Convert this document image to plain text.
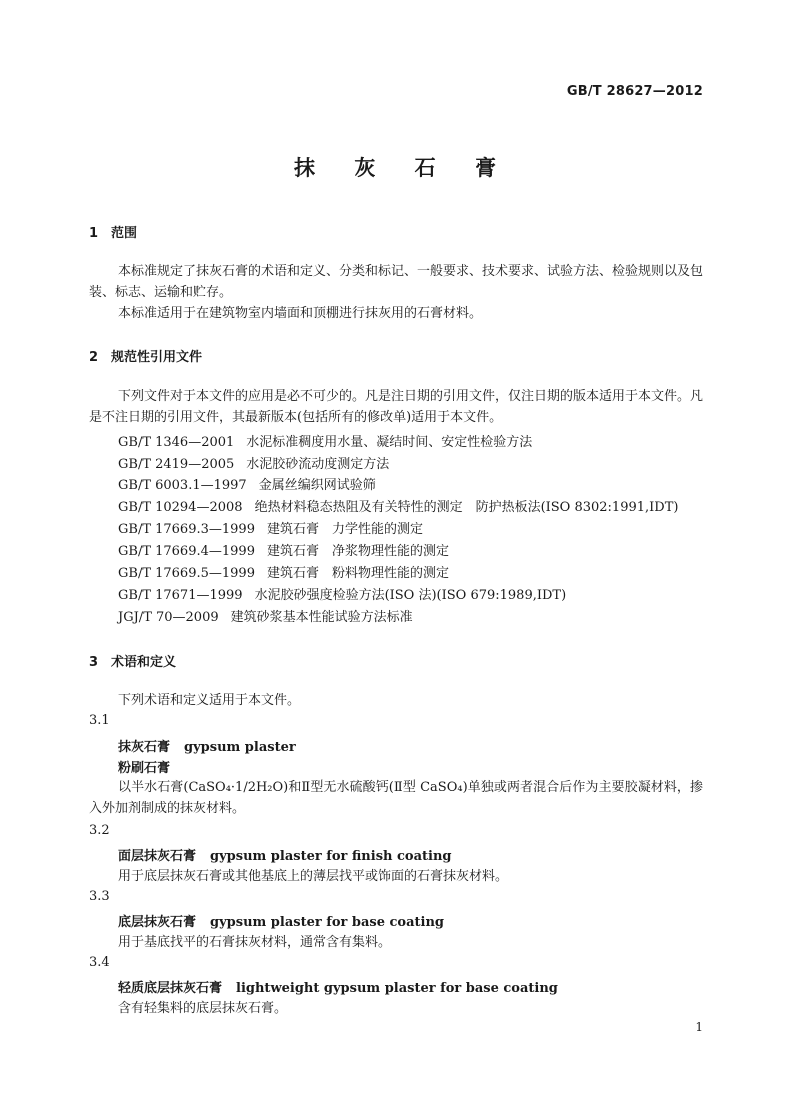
GB/T 28627—2012
抹 灰 石 膏
1 范围
本标准规定了抹灰石膏的术语和定义、分类和标记、一般要求、技术要求、试验方法、检验规则以及包装、标志、运输和贮存。
本标准适用于在建筑物室内墙面和顶棚进行抹灰用的石膏材料。
2 规范性引用文件
下列文件对于本文件的应用是必不可少的。凡是注日期的引用文件，仅注日期的版本适用于本文件。凡是不注日期的引用文件，其最新版本(包括所有的修改单)适用于本文件。
GB/T 1346—2001 水泥标准稠度用水量、凝结时间、安定性检验方法
GB/T 2419—2005 水泥胶砂流动度测定方法
GB/T 6003.1—1997 金属丝编织网试验筛
GB/T 10294—2008 绝热材料稳态热阻及有关特性的测定　防护热板法(ISO 8302:1991,IDT)
GB/T 17669.3—1999 建筑石膏　力学性能的测定
GB/T 17669.4—1999 建筑石膏　净浆物理性能的测定
GB/T 17669.5—1999 建筑石膏　粉料物理性能的测定
GB/T 17671—1999 水泥胶砂强度检验方法(ISO 法)(ISO 679:1989,IDT)
JGJ/T 70—2009 建筑砂浆基本性能试验方法标准
3 术语和定义
下列术语和定义适用于本文件。
3.1
抹灰石膏 gypsum plaster
粉刷石膏
以半水石膏(CaSO₄·1/2H₂O)和Ⅱ型无水硫酸钙(Ⅱ型 CaSO₄)单独或两者混合后作为主要胶凝材料，掺入外加剂制成的抹灰材料。
3.2
面层抹灰石膏 gypsum plaster for finish coating
用于底层抹灰石膏或其他基底上的薄层找平或饰面的石膏抹灰材料。
3.3
底层抹灰石膏 gypsum plaster for base coating
用于基底找平的石膏抹灰材料，通常含有集料。
3.4
轻质底层抹灰石膏 lightweight gypsum plaster for base coating
含有轻集料的底层抹灰石膏。
1
